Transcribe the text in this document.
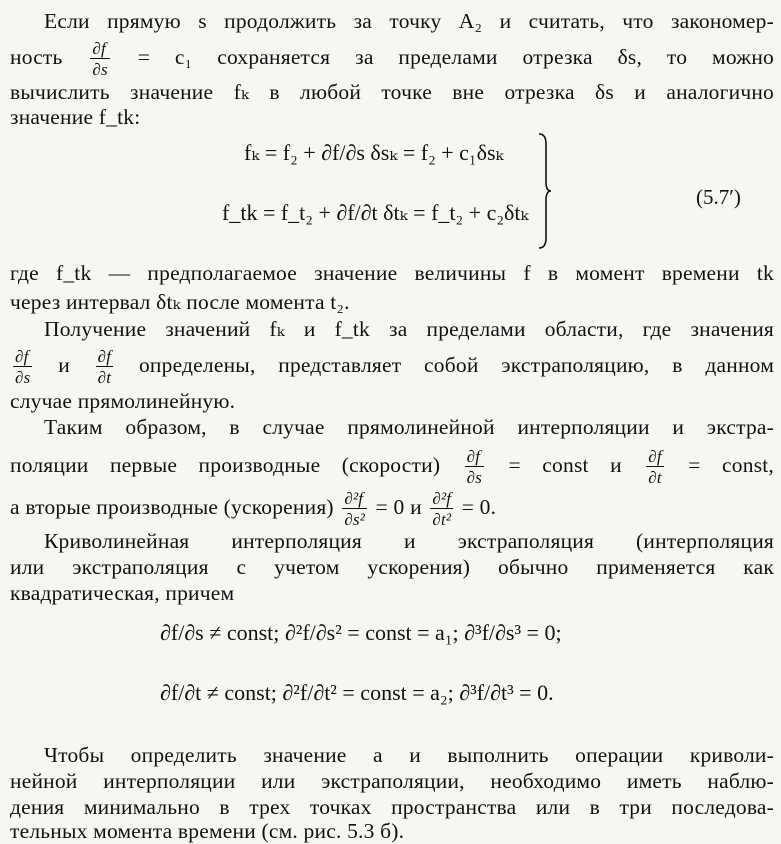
Если прямую s продолжить за точку A₂ и считать, что закономер-
ность $\frac{\partial f}{\partial s} = c_1$ сохраняется за пределами отрезка δs, то можно
вычислить значение fₖ в любой точке вне отрезка δs и аналогично
значение f_tk:
fₖ = f₂ + ∂f/∂s δsₖ = f₂ + c₁δsₖ
f_tk = f_t₂ + ∂f/∂t δtₖ = f_t₂ + c₂δtₖ
(5.7′)
где f_tk — предполагаемое значение величины f в момент времени tk
через интервал δtₖ после момента t₂.
Получение значений fₖ и f_tk за пределами области, где значения
$\frac{\partial f}{\partial s}$ и $\frac{\partial f}{\partial t}$ определены, представляет собой экстраполяцию, в данном
случае прямолинейную.
Таким образом, в случае прямолинейной интерполяции и экстра-
поляции первые производные (скорости) $\frac{\partial f}{\partial s}$ = const и $\frac{\partial f}{\partial t}$ = const,
а вторые производные (ускорения) $\frac{\text{∂²f}}{\text{∂s²}} = 0$ и $\frac{\text{∂²f}}{\text{∂t²}} = 0$.
Криволинейная интерполяция и экстраполяция (интерполяция
или экстраполяция с учетом ускорения) обычно применяется как
квадратическая, причем
∂f/∂s ≠ const; ∂²f/∂s² = const = a₁; ∂³f/∂s³ = 0;
∂f/∂t ≠ const; ∂²f/∂t² = const = a₂; ∂³f/∂t³ = 0.
Чтобы определить значение a и выполнить операции криволи-
нейной интерполяции или экстраполяции, необходимо иметь наблю-
дения минимально в трех точках пространства или в три последова-
тельных момента времени (см. рис. 5.3 б).
